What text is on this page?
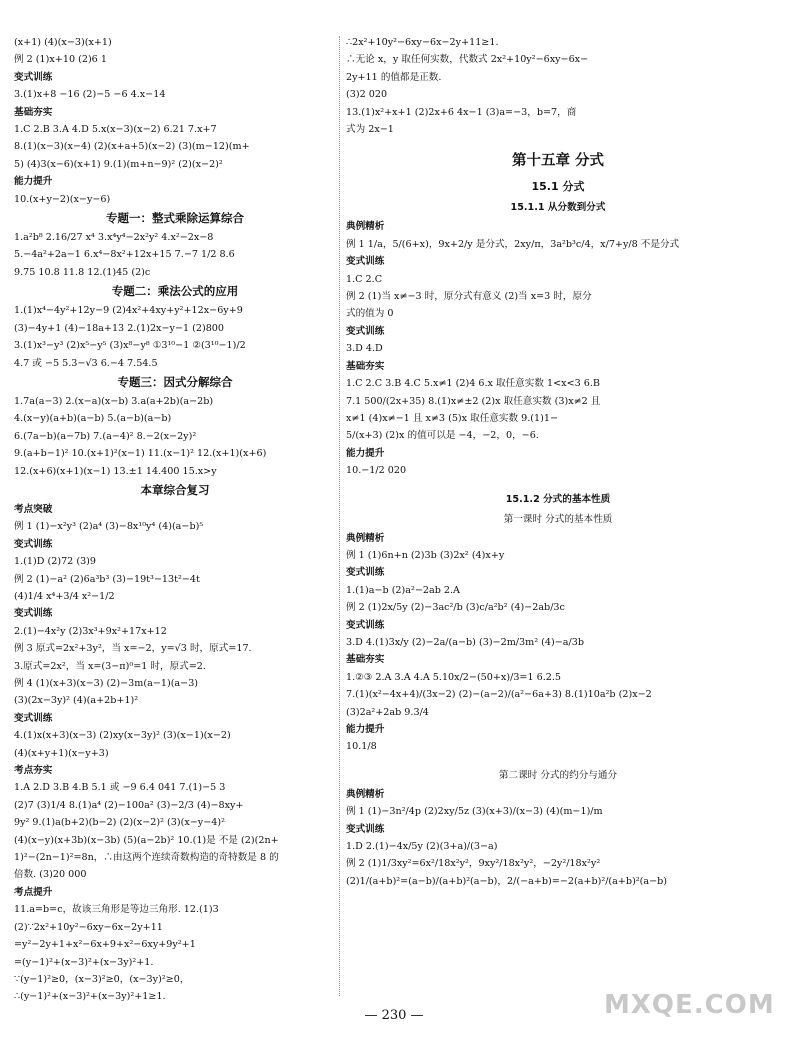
(x+1) (4)(x−3)(x+1)
例 2 (1)x+10 (2)6 1
变式训练
3.(1)x+8 −16 (2)−5 −6 4.x−14
基础夯实
1.C 2.B 3.A 4.D 5.x(x−3)(x−2) 6.21 7.x+7
8.(1)(x−3)(x−4) (2)(x+a+5)(x−2) (3)(m−12)(m+
5) (4)3(x−6)(x+1) 9.(1)(m+n−9)² (2)(x−2)²
能力提升
10.(x+y−2)(x−y−6)
专题一：整式乘除运算综合
1.a²b⁸ 2.16/27 x⁴ 3.x⁴y⁴−2x²y² 4.x²−2x−8
5.−4a²+2a−1 6.x⁴−8x²+12x+15 7.−7 1/2 8.6
9.75 10.8 11.8 12.(1)45 (2)c
专题二：乘法公式的应用
1.(1)x⁴−4y²+12y−9 (2)4x²+4xy+y²+12x−6y+9
(3)−4y+1 (4)−18a+13 2.(1)2x−y−1 (2)800
3.(1)x³−y³ (2)x⁵−y⁵ (3)x⁸−y⁸ ①3¹⁰−1 ②(3¹⁰−1)/2
4.7 或 −5 5.3−√3 6.−4 7.54.5
专题三：因式分解综合
1.7a(a−3) 2.(x−a)(x−b) 3.a(a+2b)(a−2b)
4.(x−y)(a+b)(a−b) 5.(a−b)(a−b)
6.(7a−b)(a−7b) 7.(a−4)² 8.−2(x−2y)²
9.(a+b−1)² 10.(x+1)²(x−1) 11.(x−1)² 12.(x+1)(x+6)
12.(x+6)(x+1)(x−1) 13.±1 14.400 15.x>y
本章综合复习
考点突破
例 1 (1)−x²y³ (2)a⁴ (3)−8x¹⁰y⁴ (4)(a−b)⁵
变式训练
1.(1)D (2)72 (3)9
例 2 (1)−a² (2)6a³b³ (3)−19t³−13t²−4t
(4)1/4 x⁴+3/4 x²−1/2
变式训练
2.(1)−4x²y (2)3x³+9x²+17x+12
例 3 原式=2x²+3y²，当 x=−2，y=√3 时，原式=17.
3.原式=2x²，当 x=(3−π)⁰=1 时，原式=2.
例 4 (1)(x+3)(x−3) (2)−3m(a−1)(a−3)
(3)(2x−3y)² (4)(a+2b+1)²
变式训练
4.(1)x(x+3)(x−3) (2)xy(x−3y)² (3)(x−1)(x−2)
(4)(x+y+1)(x−y+3)
考点夯实
1.A 2.D 3.B 4.B 5.1 或 −9 6.4 041 7.(1)−5 3
(2)7 (3)1/4 8.(1)a⁴ (2)−100a² (3)−2/3 (4)−8xy+
9y² 9.(1)a(b+2)(b−2) (2)(x−2)² (3)(x−y−4)²
(4)(x−y)(x+3b)(x−3b) (5)(a−2b)² 10.(1)是 不是 (2)(2n+
1)²−(2n−1)²=8n，∴由这两个连续奇数构造的奇特数是 8 的
倍数. (3)20 000
考点提升
11.a=b=c，故该三角形是等边三角形. 12.(1)3
(2)∵2x²+10y²−6xy−6x−2y+11
=y²−2y+1+x²−6x+9+x²−6xy+9y²+1
=(y−1)²+(x−3)²+(x−3y)²+1.
∵(y−1)²≥0，(x−3)²≥0，(x−3y)²≥0，
∴(y−1)²+(x−3)²+(x−3y)²+1≥1.
∴2x²+10y²−6xy−6x−2y+11≥1.
∴无论 x，y 取任何实数，代数式 2x²+10y²−6xy−6x−
2y+11 的值都是正数.
(3)2 020
13.(1)x²+x+1 (2)2x+6 4x−1 (3)a=−3，b=7，商
式为 2x−1
第十五章 分式
15.1 分式
15.1.1 从分数到分式
典例精析
例 1 1/a，5/(6+x)，9x+2/y 是分式，2xy/π，3a²b³c/4，x/7+y/8 不是分式
变式训练
1.C 2.C
例 2 (1)当 x≠−3 时，原分式有意义 (2)当 x=3 时，原分
式的值为 0
变式训练
3.D 4.D
基础夯实
1.C 2.C 3.B 4.C 5.x≠1 (2)4 6.x 取任意实数 1<x<3 6.B
7.1 500/(2x+35) 8.(1)x≠±2 (2)x 取任意实数 (3)x≠2 且
x≠1 (4)x≠−1 且 x≠3 (5)x 取任意实数 9.(1)1−
5/(x+3) (2)x 的值可以是 −4，−2，0，−6.
能力提升
10.−1/2 020
15.1.2 分式的基本性质
第一课时 分式的基本性质
典例精析
例 1 (1)6n+n (2)3b (3)2x² (4)x+y
变式训练
1.(1)a−b (2)a²−2ab 2.A
例 2 (1)2x/5y (2)−3ac²/b (3)c/a²b² (4)−2ab/3c
变式训练
3.D 4.(1)3x/y (2)−2a/(a−b) (3)−2m/3m² (4)−a/3b
基础夯实
1.②③ 2.A 3.A 4.A 5.10x/2−(50+x)/3=1 6.2.5
7.(1)(x²−4x+4)/(3x−2) (2)−(a−2)/(a²−6a+3) 8.(1)10a²b (2)x−2
(3)2a²+2ab 9.3/4
能力提升
10.1/8
第二课时 分式的约分与通分
典例精析
例 1 (1)−3n²/4p (2)2xy/5z (3)(x+3)/(x−3) (4)(m−1)/m
变式训练
1.D 2.(1)−4x/5y (2)(3+a)/(3−a)
例 2 (1)1/3xy²=6x²/18x²y²，9xy²/18x²y²，−2y²/18x²y²
(2)1/(a+b)²=(a−b)/(a+b)²(a−b)，2/(−a+b)=−2(a+b)²/(a+b)²(a−b)
— 230 —	MXQE.COM
